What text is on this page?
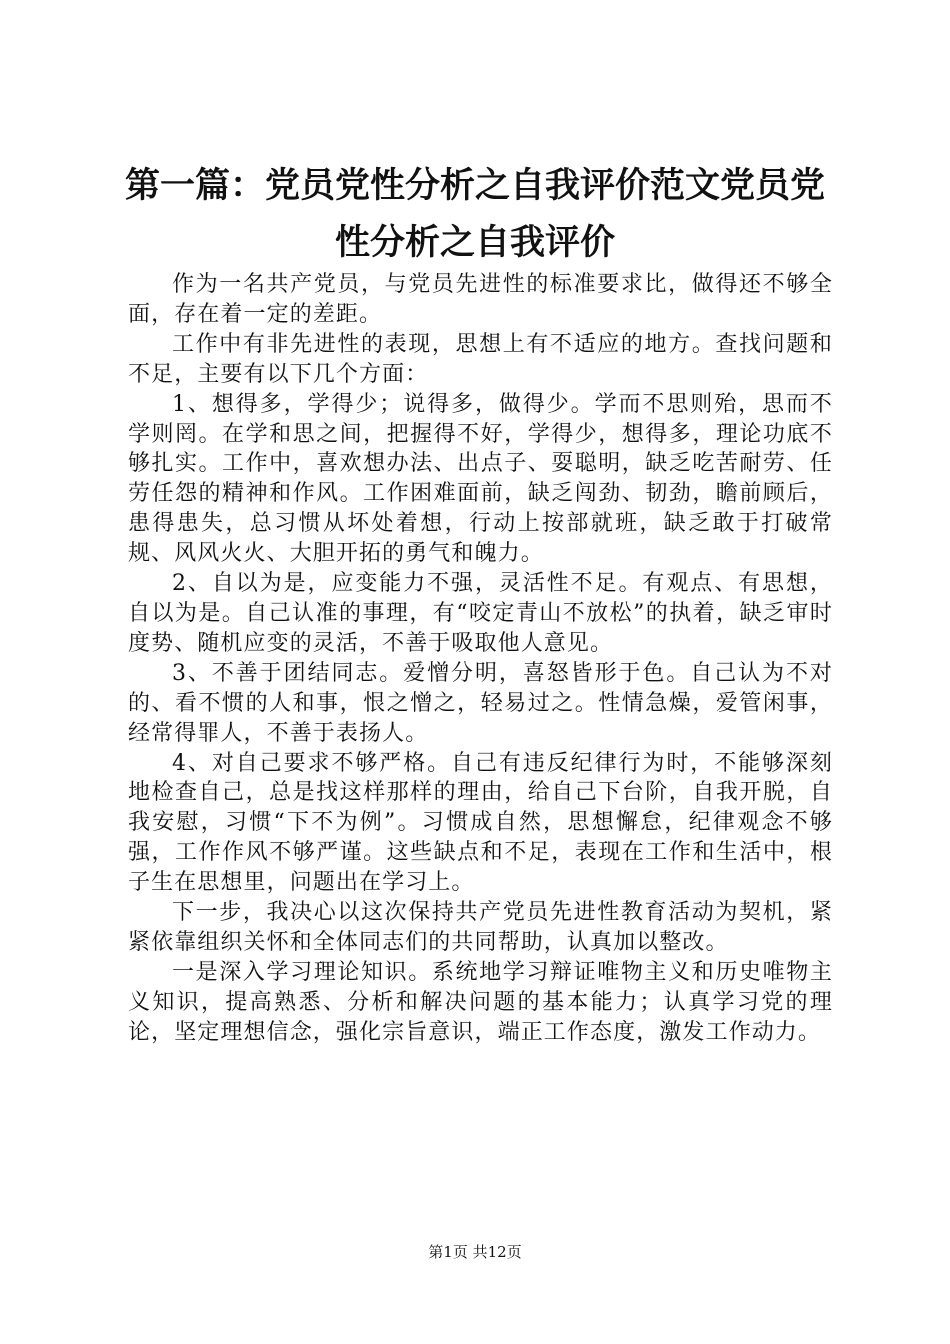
第一篇：党员党性分析之自我评价范文党员党
性分析之自我评价

作为一名共产党员，与党员先进性的标准要求比，做得还不够全面，存在着一定的差距。

工作中有非先进性的表现，思想上有不适应的地方。查找问题和不足，主要有以下几个方面：

1、想得多，学得少；说得多，做得少。学而不思则殆，思而不学则罔。在学和思之间，把握得不好，学得少，想得多，理论功底不够扎实。工作中，喜欢想办法、出点子、耍聪明，缺乏吃苦耐劳、任劳任怨的精神和作风。工作困难面前，缺乏闯劲、韧劲，瞻前顾后，患得患失，总习惯从坏处着想，行动上按部就班，缺乏敢于打破常规、风风火火、大胆开拓的勇气和魄力。

2、自以为是，应变能力不强，灵活性不足。有观点、有思想，自以为是。自己认准的事理，有“咬定青山不放松”的执着，缺乏审时度势、随机应变的灵活，不善于吸取他人意见。

3、不善于团结同志。爱憎分明，喜怒皆形于色。自己认为不对的、看不惯的人和事，恨之憎之，轻易过之。性情急燥，爱管闲事，经常得罪人，不善于表扬人。

4、对自己要求不够严格。自己有违反纪律行为时，不能够深刻地检查自己，总是找这样那样的理由，给自己下台阶，自我开脱，自我安慰，习惯“下不为例”。习惯成自然，思想懈怠，纪律观念不够强，工作作风不够严谨。这些缺点和不足，表现在工作和生活中，根子生在思想里，问题出在学习上。

下一步，我决心以这次保持共产党员先进性教育活动为契机，紧紧依靠组织关怀和全体同志们的共同帮助，认真加以整改。

一是深入学习理论知识。系统地学习辩证唯物主义和历史唯物主义知识，提高熟悉、分析和解决问题的基本能力；认真学习党的理论，坚定理想信念，强化宗旨意识，端正工作态度，激发工作动力。

第1页 共12页
